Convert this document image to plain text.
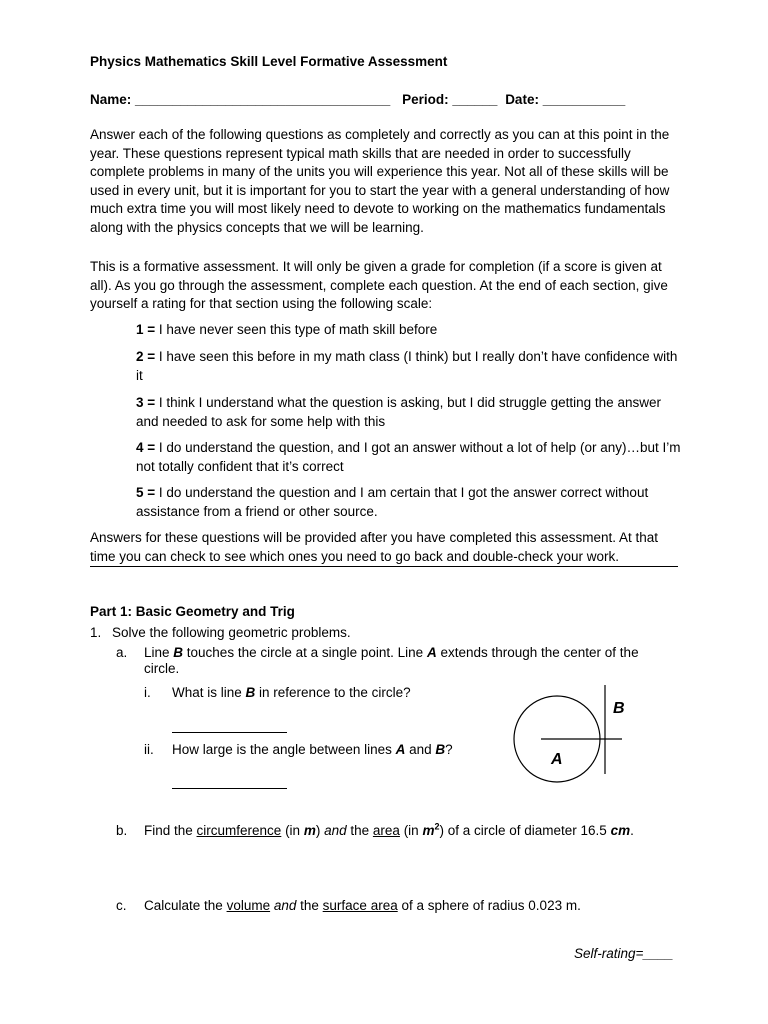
Physics Mathematics Skill Level Formative Assessment
Name: __________________________________ Period: ______ Date: ___________
Answer each of the following questions as completely and correctly as you can at this point in the year. These questions represent typical math skills that are needed in order to successfully complete problems in many of the units you will experience this year. Not all of these skills will be used in every unit, but it is important for you to start the year with a general understanding of how much extra time you will most likely need to devote to working on the mathematics fundamentals along with the physics concepts that we will be learning.
This is a formative assessment. It will only be given a grade for completion (if a score is given at all). As you go through the assessment, complete each question. At the end of each section, give yourself a rating for that section using the following scale:
1 = I have never seen this type of math skill before
2 = I have seen this before in my math class (I think) but I really don’t have confidence with it
3 = I think I understand what the question is asking, but I did struggle getting the answer and needed to ask for some help with this
4 = I do understand the question, and I got an answer without a lot of help (or any)…but I’m not totally confident that it’s correct
5 = I do understand the question and I am certain that I got the answer correct without assistance from a friend or other source.
Answers for these questions will be provided after you have completed this assessment. At that time you can check to see which ones you need to go back and double-check your work.
Part 1: Basic Geometry and Trig
1. Solve the following geometric problems.
a. Line B touches the circle at a single point. Line A extends through the center of the
circle.
i. What is line B in reference to the circle?
ii. How large is the angle between lines A and B?
b. Find the circumference (in m) and the area (in $m^2$) of a circle of diameter 16.5 cm.
c. Calculate the volume and the surface area of a sphere of radius 0.023 m.
Self-rating=____
B
A
